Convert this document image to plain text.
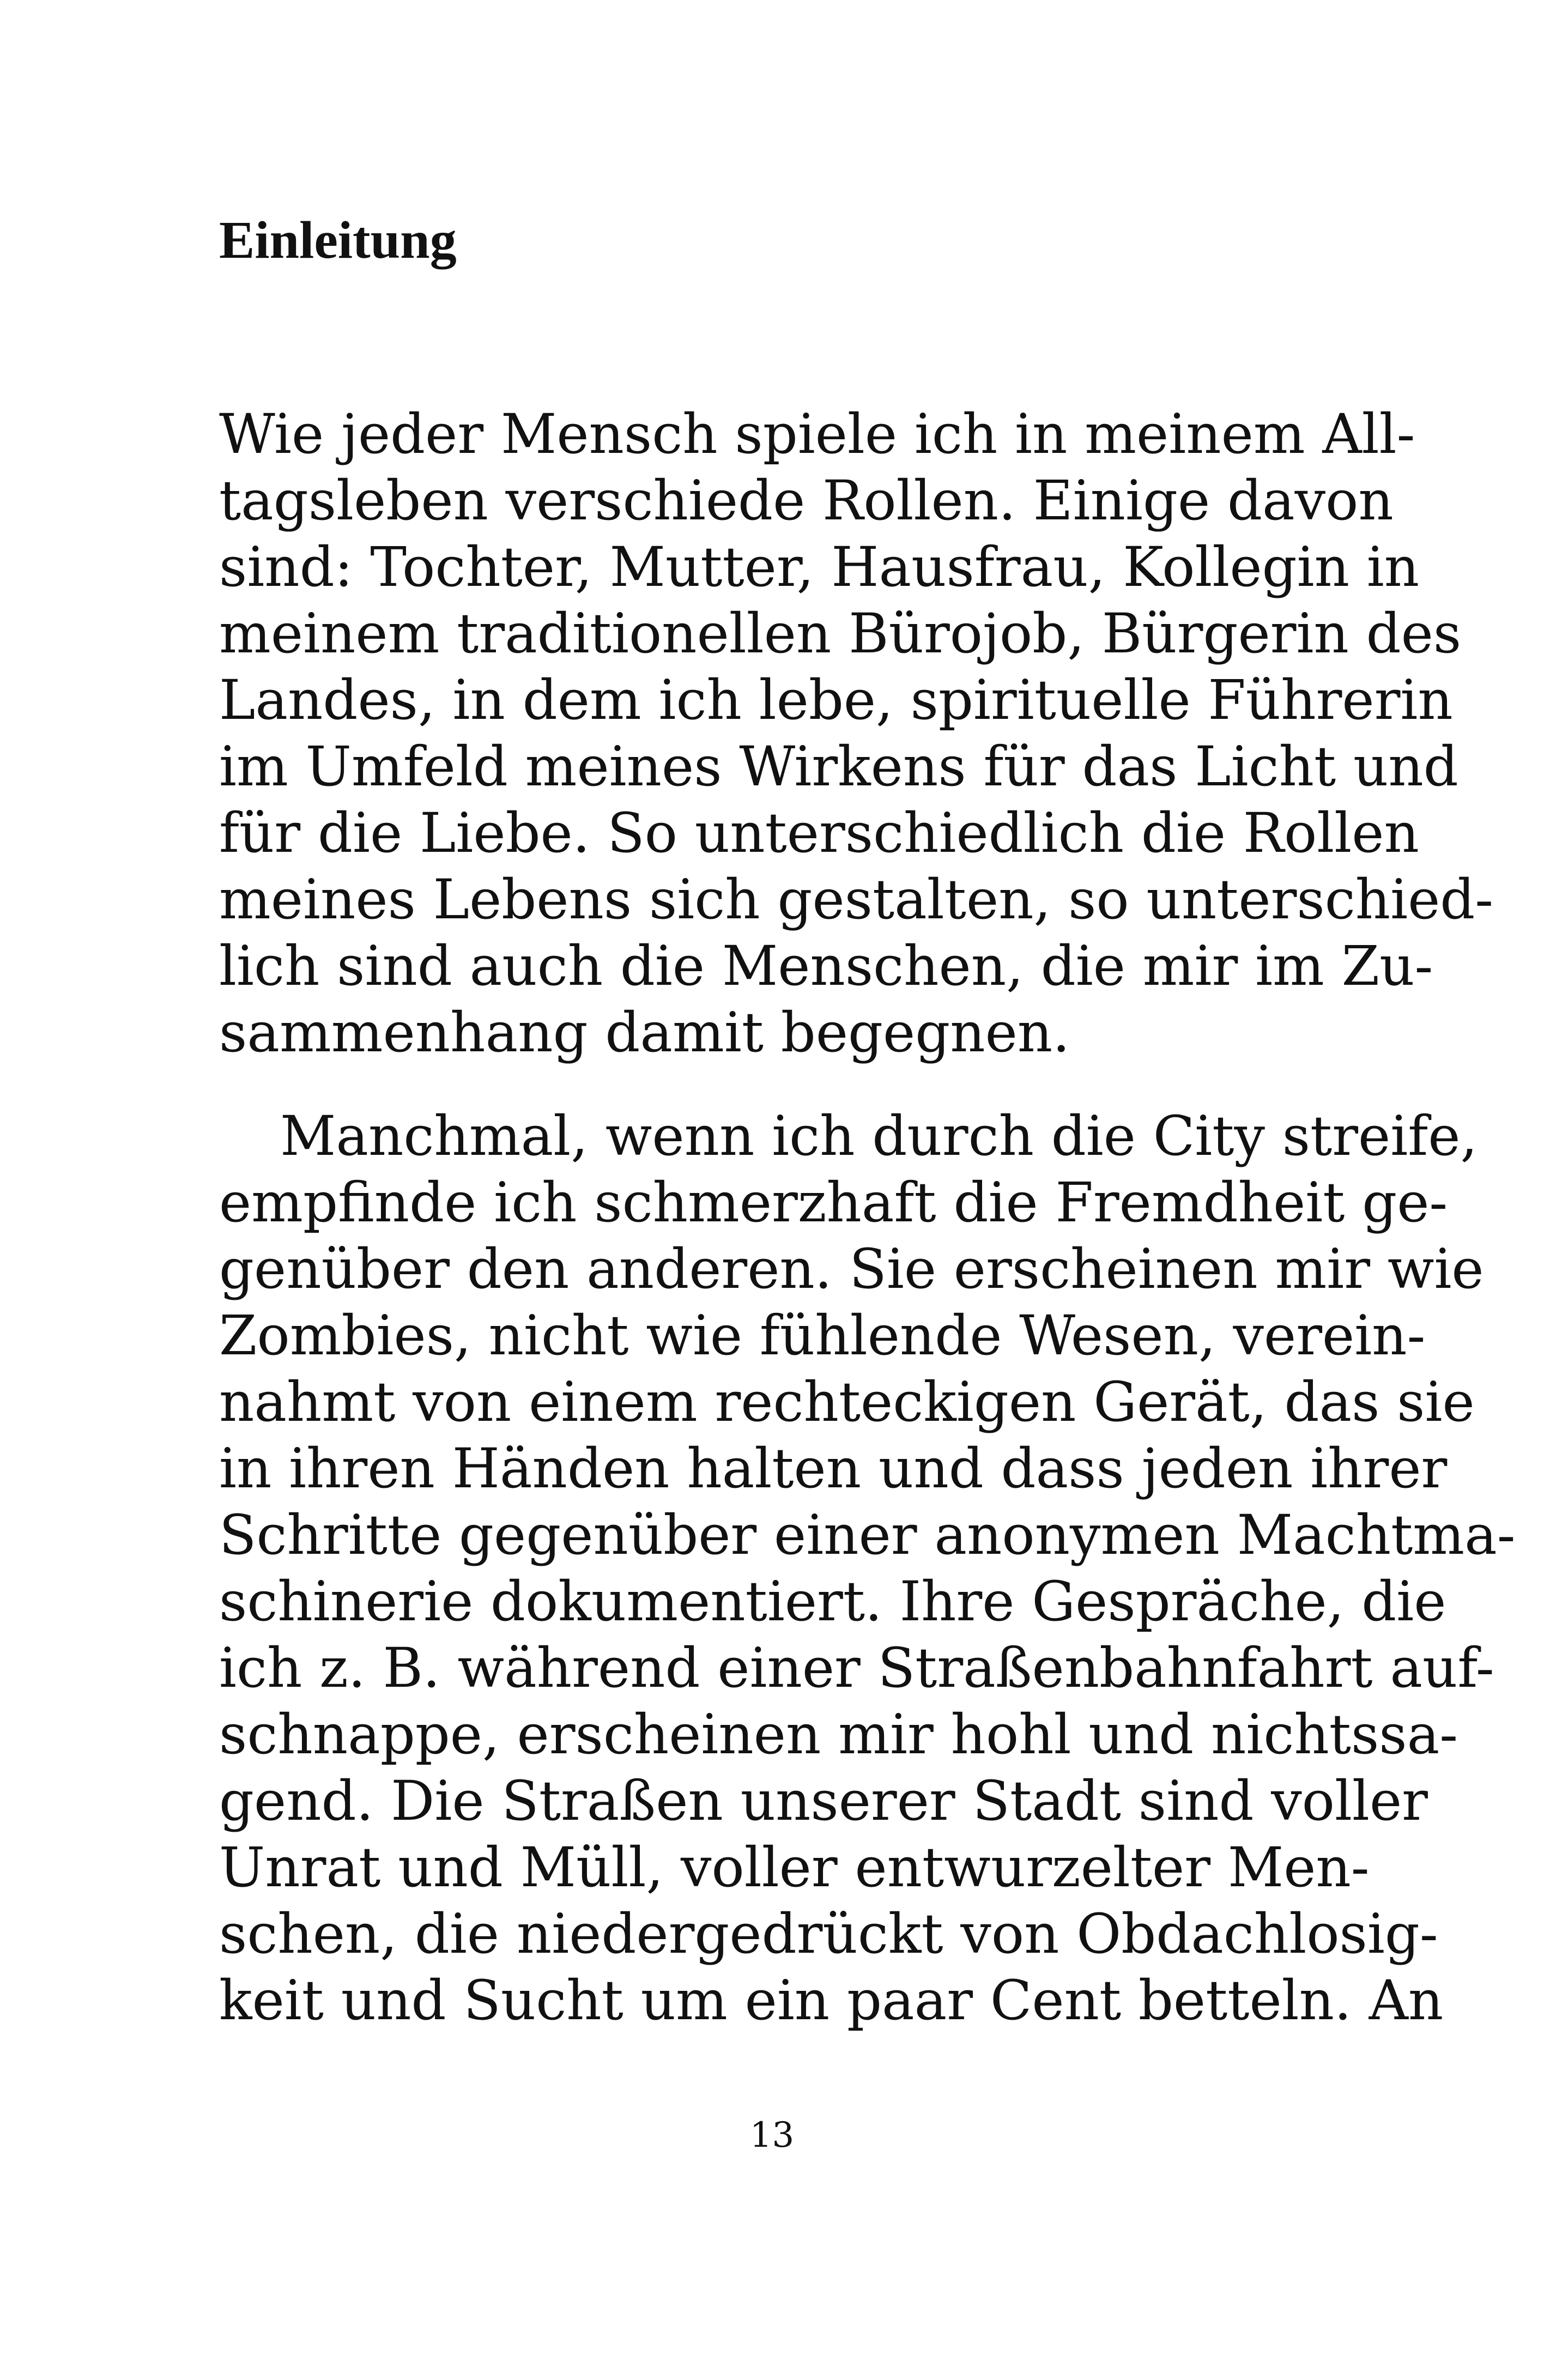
Einleitung
Wie jeder Mensch spiele ich in meinem All-
tagsleben verschiede Rollen. Einige davon
sind: Tochter, Mutter, Hausfrau, Kollegin in
meinem traditionellen Bürojob, Bürgerin des
Landes, in dem ich lebe, spirituelle Führerin
im Umfeld meines Wirkens für das Licht und
für die Liebe. So unterschiedlich die Rollen
meines Lebens sich gestalten, so unterschied-
lich sind auch die Menschen, die mir im Zu-
sammenhang damit begegnen.
Manchmal, wenn ich durch die City streife,
empfinde ich schmerzhaft die Fremdheit ge-
genüber den anderen. Sie erscheinen mir wie
Zombies, nicht wie fühlende Wesen, verein-
nahmt von einem rechteckigen Gerät, das sie
in ihren Händen halten und dass jeden ihrer
Schritte gegenüber einer anonymen Machtma-
schinerie dokumentiert. Ihre Gespräche, die
ich z. B. während einer Straßenbahnfahrt auf-
schnappe, erscheinen mir hohl und nichtssa-
gend. Die Straßen unserer Stadt sind voller
Unrat und Müll, voller entwurzelter Men-
schen, die niedergedrückt von Obdachlosig-
keit und Sucht um ein paar Cent betteln. An
13
